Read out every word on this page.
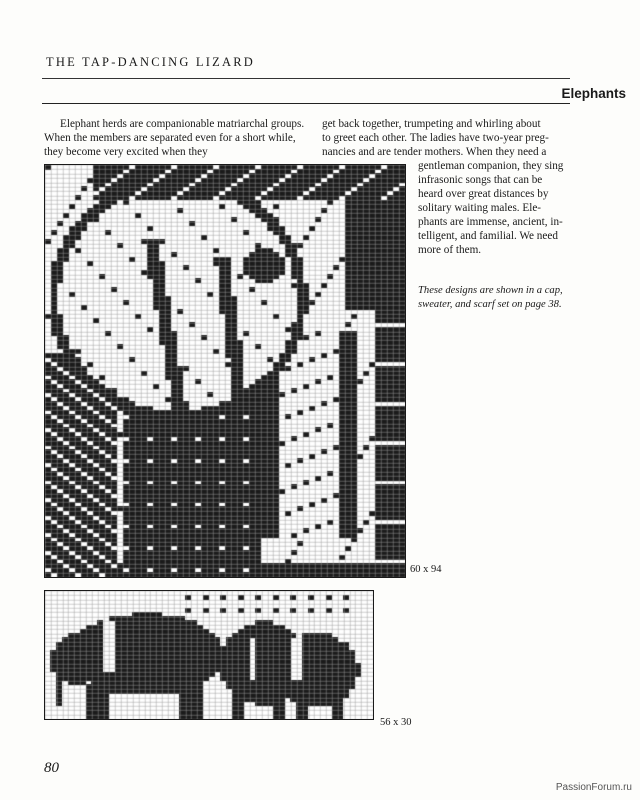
THE TAP-DANCING LIZARD
Elephants
Elephant herds are companionable matriarchal groups. When the members are separated even for a short while, they become very excited when they
get back together, trumpeting and whirling about
to greet each other. The ladies have two-year preg-
nancies and are tender mothers. When they need a
gentleman companion, they sing
infrasonic songs that can be
heard over great distances by
solitary waiting males. Ele-
phants are immense, ancient, in-
telligent, and familial. We need
more of them.
These designs are shown in a cap, sweater, and scarf set on page 38.
60 x 94
56 x 30
80
PassionForum.ru
